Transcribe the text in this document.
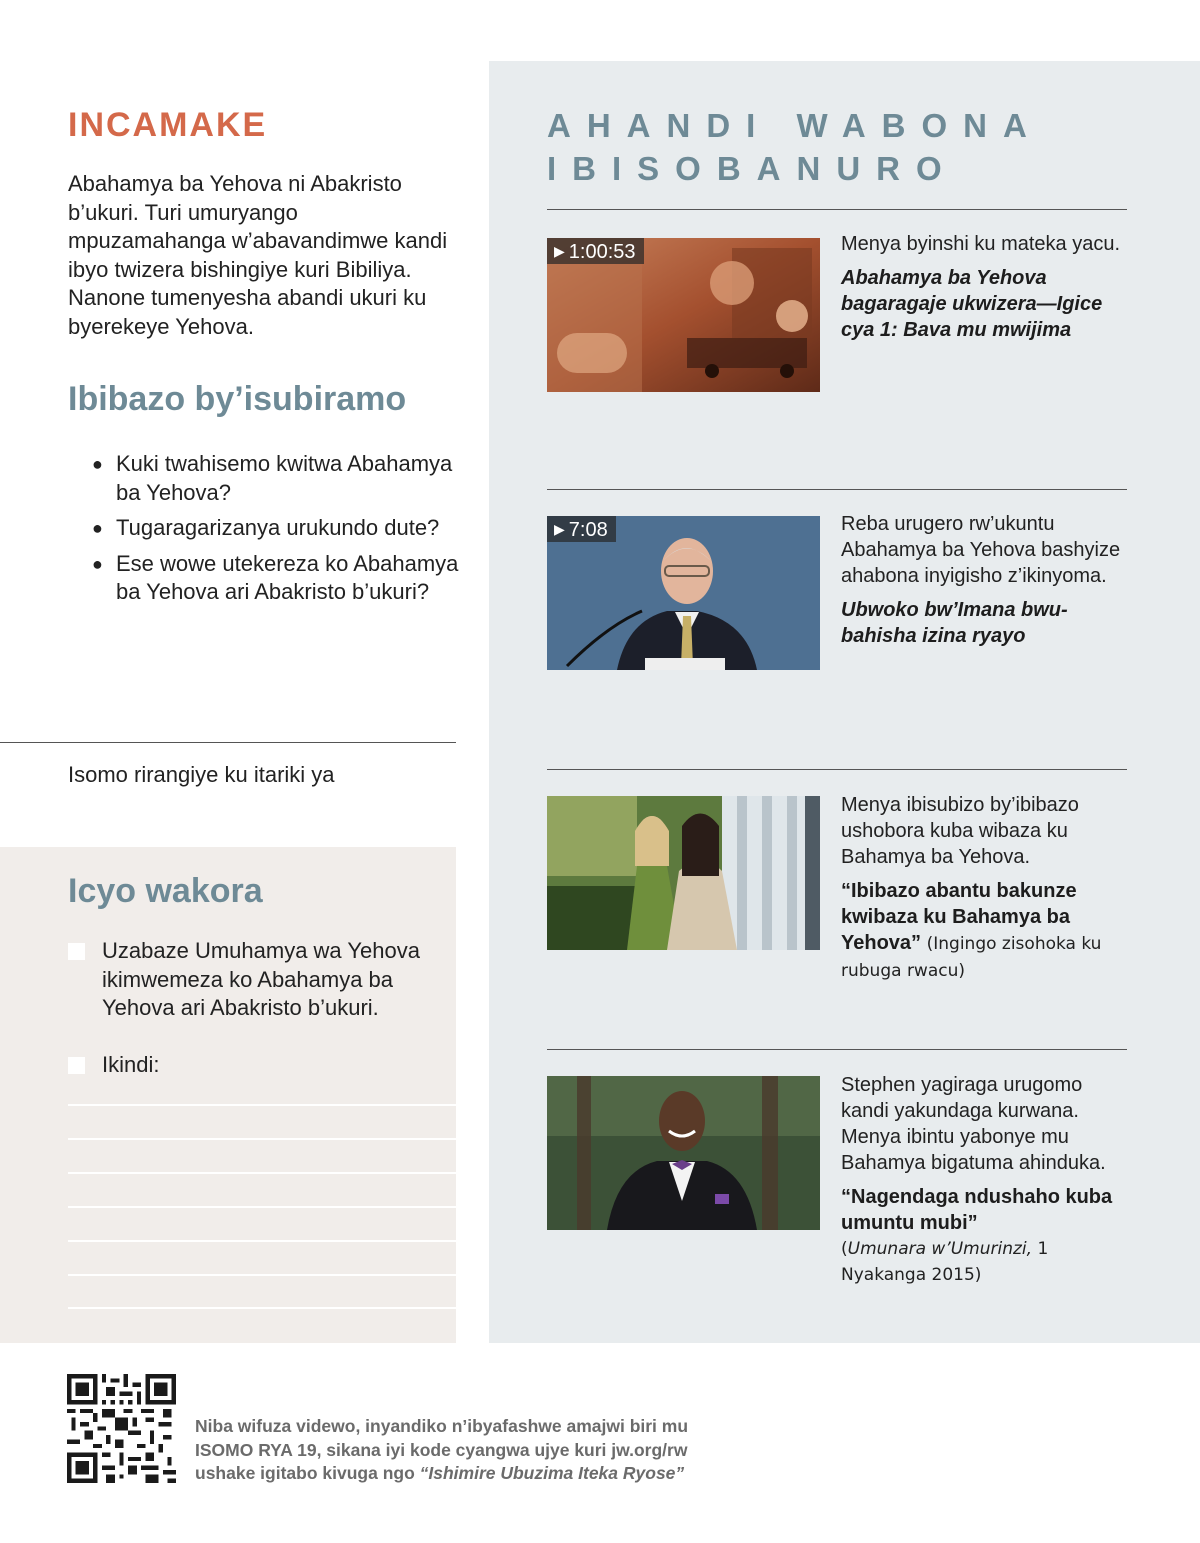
INCAMAKE

Abahamya ba Yehova ni Abakristo b’ukuri. Turi umuryango mpuzamahanga w’abavandimwe kandi ibyo twizera bishingiye kuri Bibiliya. Nanone tumenyesha abandi ukuri ku byerekeye Yehova.

Ibibazo by’isubiramo
● Kuki twahisemo kwitwa Abahamya ba Yehova?
● Tugaragarizanya urukundo dute?
● Ese wowe utekereza ko Abahamya ba Yehova ari Abakristo b’ukuri?

Isomo rirangiye ku itariki ya

Icyo wakora
Uzabaze Umuhamya wa Yehova ikimwemeza ko Abahamya ba Yehova ari Abakristo b’ukuri.
Ikindi:
AHANDI WABONA
IBISOBANURO
▶ 1:00:53	Menya byinshi ku mateka yacu.

Abahamya ba Yehova bagaragaje ukwizera—Igice cya 1: Bava mu mwijima

▶ 7:08	Reba urugero rw’ukuntu Abahamya ba Yehova bashyize ahabona inyigisho z’ikinyoma.

Ubwoko bw’Imana bwu-bahisha izina ryayo

Menya ibisubizo by’ibibazo ushobora kuba wibaza ku Bahamya ba Yehova.

“Ibibazo abantu bakunze kwibaza ku Bahamya ba Yehova” (Ingingo zisohoka ku rubuga rwacu)

Stephen yagiraga urugomo kandi yakundaga kurwana. Menya ibintu yabonye mu Bahamya bigatuma ahinduka.

“Nagendaga ndushaho kuba umuntu mubi”

(Umunara w’Umurinzi, 1 Nyakanga 2015)

Niba wifuza videwo, inyandiko n’ibyafashwe amajwi biri mu ISOMO RYA 19, sikana iyi kode cyangwa ujye kuri jw.org/rw ushake igitabo kivuga ngo “Ishimire Ubuzima Iteka Ryose”
